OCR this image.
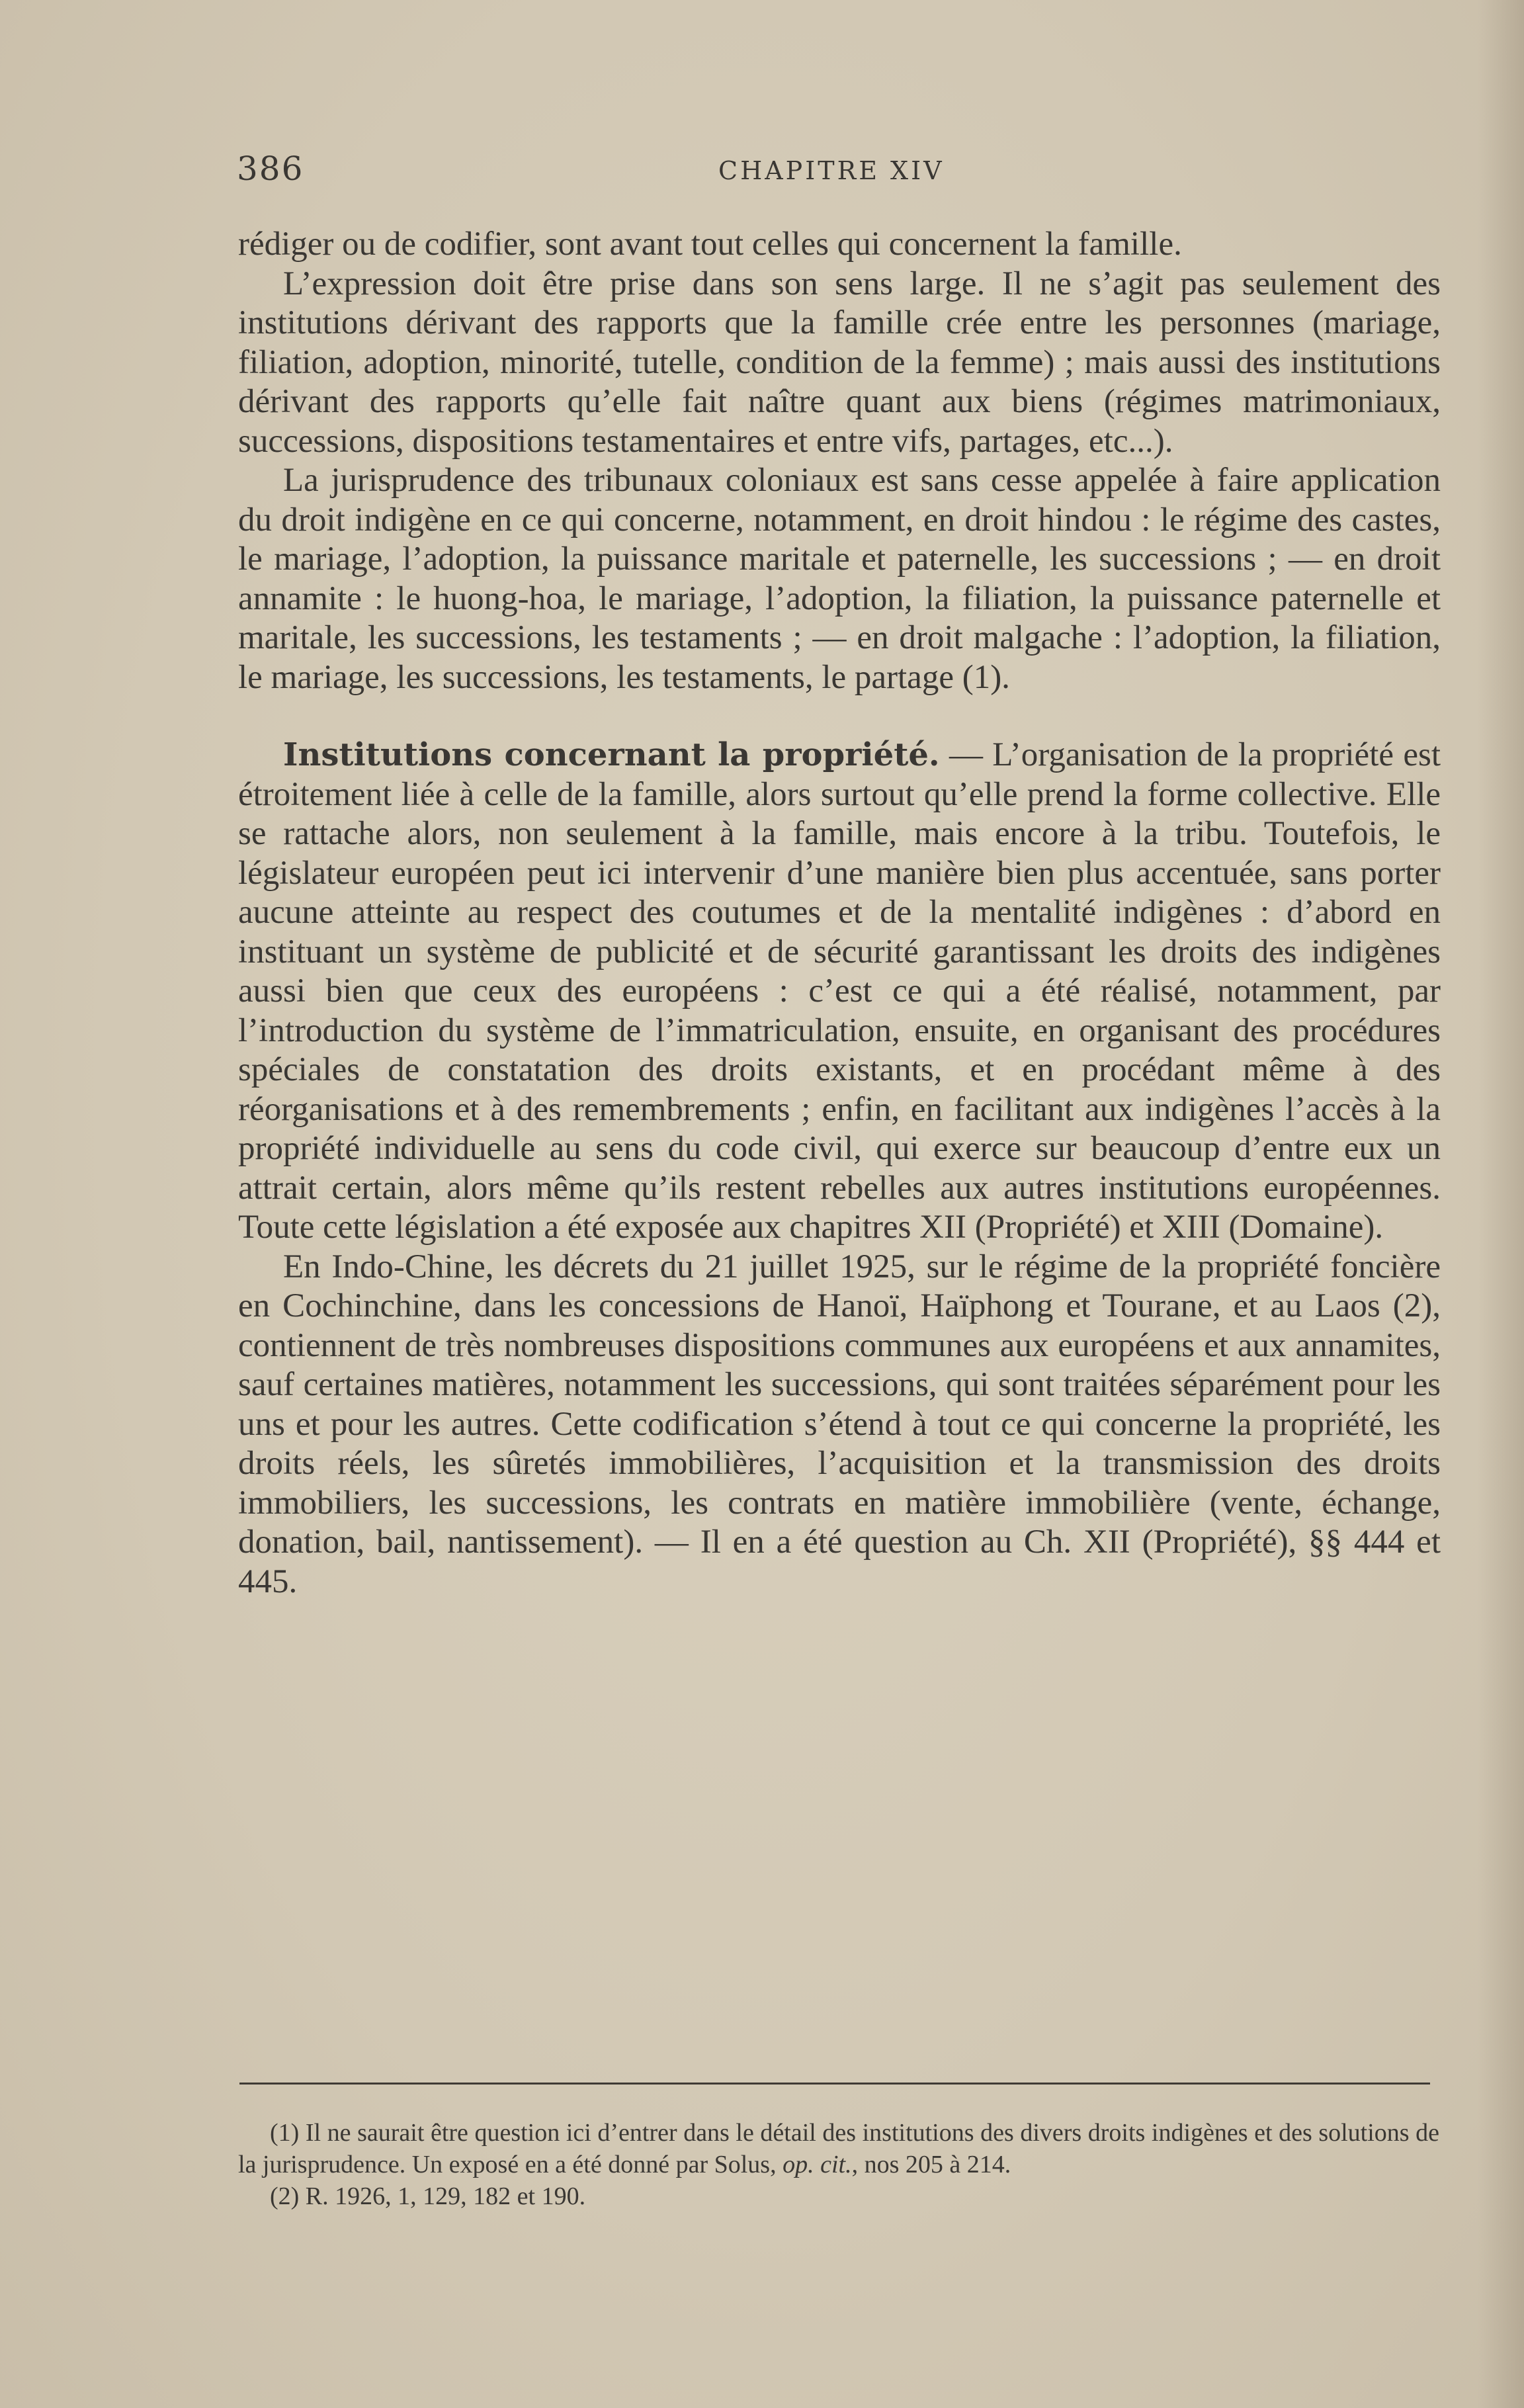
386	CHAPITRE XIV

rédiger ou de codifier, sont avant tout celles qui concernent la famille.

L’expression doit être prise dans son sens large. Il ne s’agit pas seulement des institutions dérivant des rapports que la famille crée entre les personnes (mariage, filiation, adoption, minorité, tutelle, condition de la femme) ; mais aussi des institutions dérivant des rapports qu’elle fait naître quant aux biens (régimes matrimoniaux, successions, dispositions testamentaires et entre vifs, partages, etc...).

La jurisprudence des tribunaux coloniaux est sans cesse appelée à faire application du droit indigène en ce qui concerne, notamment, en droit hindou : le régime des castes, le mariage, l’adoption, la puissance maritale et paternelle, les successions ; — en droit annamite : le huong-hoa, le mariage, l’adoption, la filiation, la puissance paternelle et maritale, les successions, les testaments ; — en droit malgache : l’adoption, la filiation, le mariage, les successions, les testaments, le partage (1).

Institutions concernant la propriété. — L’organisation de la propriété est étroitement liée à celle de la famille, alors surtout qu’elle prend la forme collective. Elle se rattache alors, non seulement à la famille, mais encore à la tribu. Toutefois, le législateur européen peut ici intervenir d’une manière bien plus accentuée, sans porter aucune atteinte au respect des coutumes et de la mentalité indigènes : d’abord en instituant un système de publicité et de sécurité garantissant les droits des indigènes aussi bien que ceux des européens : c’est ce qui a été réalisé, notamment, par l’introduction du système de l’immatriculation, ensuite, en organisant des procédures spéciales de constatation des droits existants, et en procédant même à des réorganisations et à des remembrements ; enfin, en facilitant aux indigènes l’accès à la propriété individuelle au sens du code civil, qui exerce sur beaucoup d’entre eux un attrait certain, alors même qu’ils restent rebelles aux autres institutions européennes. Toute cette législation a été exposée aux chapitres XII (Propriété) et XIII (Domaine).

En Indo-Chine, les décrets du 21 juillet 1925, sur le régime de la propriété foncière en Cochinchine, dans les concessions de Hanoï, Haïphong et Tourane, et au Laos (2), contiennent de très nombreuses dispositions communes aux européens et aux annamites, sauf certaines matières, notamment les successions, qui sont traitées séparément pour les uns et pour les autres. Cette codification s’étend à tout ce qui concerne la propriété, les droits réels, les sûretés immobilières, l’acquisition et la transmission des droits immobiliers, les successions, les contrats en matière immobilière (vente, échange, donation, bail, nantissement). — Il en a été question au Ch. XII (Propriété), §§ 444 et 445.

(1) Il ne saurait être question ici d’entrer dans le détail des institutions des divers droits indigènes et des solutions de la jurisprudence. Un exposé en a été donné par Solus, op. cit., nos 205 à 214.

(2) R. 1926, 1, 129, 182 et 190.
